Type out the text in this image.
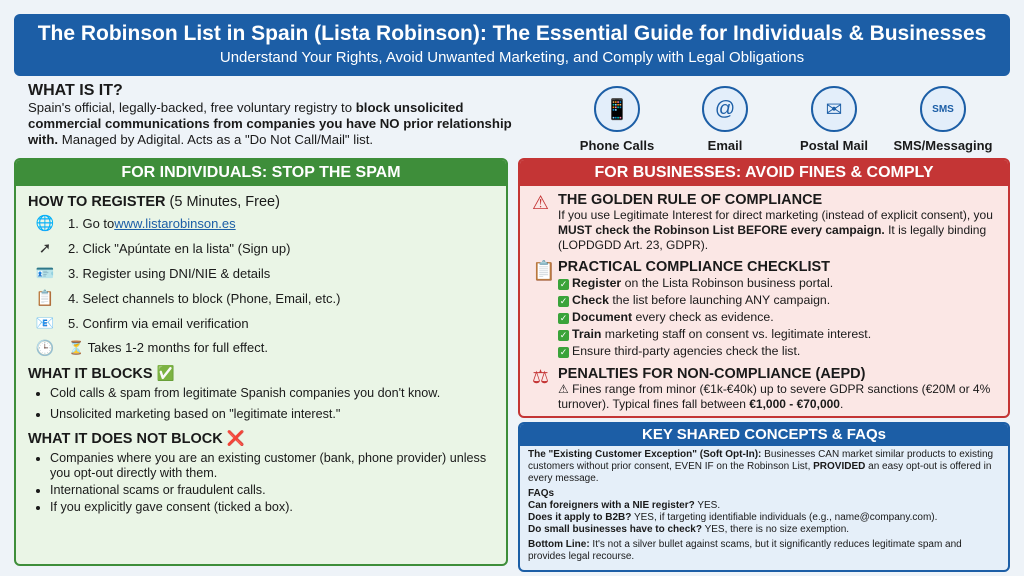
The Robinson List in Spain (Lista Robinson): The Essential Guide for Individuals & Businesses
Understand Your Rights, Avoid Unwanted Marketing, and Comply with Legal Obligations
WHAT IS IT?

Spain's official, legally-backed, free voluntary registry to block unsolicited commercial communications from companies you have NO prior relationship with. Managed by Adigital. Acts as a "Do Not Call/Mail" list.

📱
Phone Calls
@
Email
✉
Postal Mail
SMS
SMS/Messaging
FOR INDIVIDUALS: STOP THE SPAM
HOW TO REGISTER (5 Minutes, Free)
🌐 1. Go to www.listarobinson.es
➚	2. Click "Apúntate en la lista" (Sign up)
🪪 3. Register using DNI/NIE & details
📋 4. Select channels to block (Phone, Email, etc.)
📧 5. Confirm via email verification
🕒 ⏳ Takes 1-2 months for full effect.
WHAT IT BLOCKS ✅
• Cold calls & spam from legitimate Spanish companies you don't know.
• Unsolicited marketing based on "legitimate interest."
WHAT IT DOES NOT BLOCK ❌
• Companies where you are an existing customer (bank, phone provider) unless you opt-out directly with them.
• International scams or fraudulent calls.
• If you explicitly gave consent (ticked a box).
FOR BUSINESSES: AVOID FINES & COMPLY
⚠ THE GOLDEN RULE OF COMPLIANCE

If you use Legitimate Interest for direct marketing (instead of explicit consent), you MUST check the Robinson List BEFORE every campaign. It is legally binding (LOPDGDD Art. 23, GDPR).

📋 PRACTICAL COMPLIANCE CHECKLIST
✓ Register on the Lista Robinson business portal.
✓ Check the list before launching ANY campaign.
✓ Document every check as evidence.
✓ Train marketing staff on consent vs. legitimate interest.
✓ Ensure third-party agencies check the list.
⚖ PENALTIES FOR NON-COMPLIANCE (AEPD)

⚠ Fines range from minor (€1k-€40k) up to severe GDPR sanctions (€20M or 4% turnover). Typical fines fall between €1,000 - €70,000.

KEY SHARED CONCEPTS & FAQs

The "Existing Customer Exception" (Soft Opt-In): Businesses CAN market similar products to existing customers without prior consent, EVEN IF on the Robinson List, PROVIDED an easy opt-out is offered in every message.

FAQs
Can foreigners with a NIE register? YES.
Does it apply to B2B? YES, if targeting identifiable individuals (e.g., name@company.com).
Do small businesses have to check? YES, there is no size exemption.

Bottom Line: It's not a silver bullet against scams, but it significantly reduces legitimate spam and provides legal recourse.
